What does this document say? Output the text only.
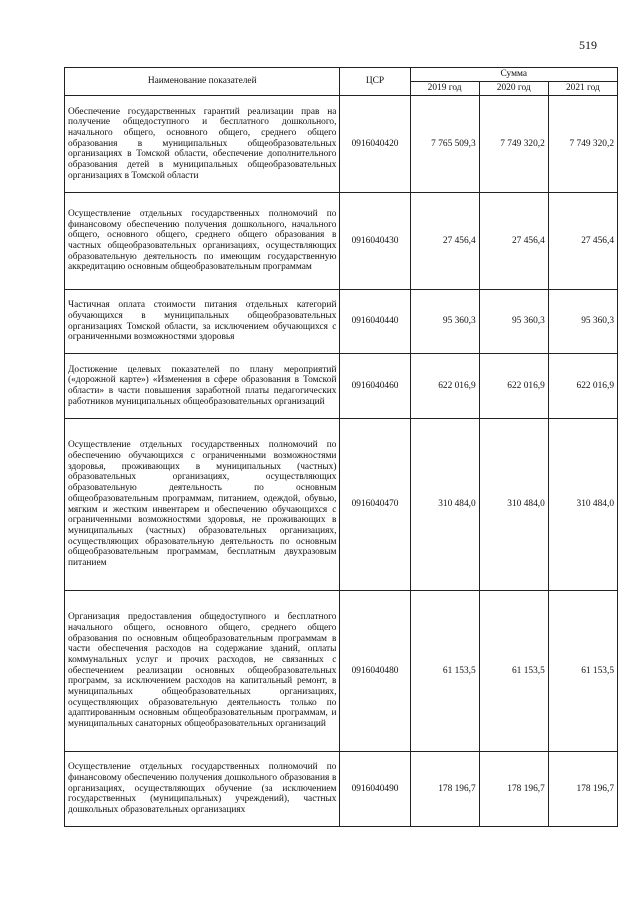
519
Наименование показателей	ЦСР	Сумма		
		2019 год	2020 год	2021 год
Обеспечение государственных гарантий реализации прав на получение общедоступного и бесплатного дошкольного, начального общего, основного общего, среднего общего образования в муниципальных общеобразовательных организациях в Томской области, обеспечение дополнительного образования детей в муниципальных общеобразовательных организациях в Томской области	0916040420	7 765 509,3	7 749 320,2	7 749 320,2
Осуществление отдельных государственных полномочий по финансовому обеспечению получения дошкольного, начального общего, основного общего, среднего общего образования в частных общеобразовательных организациях, осуществляющих образовательную деятельность по имеющим государственную аккредитацию основным общеобразовательным программам	0916040430	27 456,4	27 456,4	27 456,4
Частичная оплата стоимости питания отдельных категорий обучающихся в муниципальных общеобразовательных организациях Томской области, за исключением обучающихся с ограниченными возможностями здоровья	0916040440	95 360,3	95 360,3	95 360,3
Достижение целевых показателей по плану мероприятий («дорожной карте») «Изменения в сфере образования в Томской области» в части повышения заработной платы педагогических работников муниципальных общеобразовательных организаций	0916040460	622 016,9	622 016,9	622 016,9
Осуществление отдельных государственных полномочий по обеспечению обучающихся с ограниченными возможностями здоровья, проживающих в муниципальных (частных) образовательных организациях, осуществляющих образовательную деятельность по основным общеобразовательным программам, питанием, одеждой, обувью, мягким и жестким инвентарем и обеспечению обучающихся с ограниченными возможностями здоровья, не проживающих в муниципальных (частных) образовательных организациях, осуществляющих образовательную деятельность по основным общеобразовательным программам, бесплатным двухразовым питанием	0916040470	310 484,0	310 484,0	310 484,0
Организация предоставления общедоступного и бесплатного начального общего, основного общего, среднего общего образования по основным общеобразовательным программам в части обеспечения расходов на содержание зданий, оплаты коммунальных услуг и прочих расходов, не связанных с обеспечением реализации основных общеобразовательных программ, за исключением расходов на капитальный ремонт, в муниципальных общеобразовательных организациях, осуществляющих образовательную деятельность только по адаптированным основным общеобразовательным программам, и муниципальных санаторных общеобразовательных организаций	0916040480	61 153,5	61 153,5	61 153,5
Осуществление отдельных государственных полномочий по финансовому обеспечению получения дошкольного образования в организациях, осуществляющих обучение (за исключением государственных (муниципальных) учреждений), частных дошкольных образовательных организациях	0916040490	178 196,7	178 196,7	178 196,7
